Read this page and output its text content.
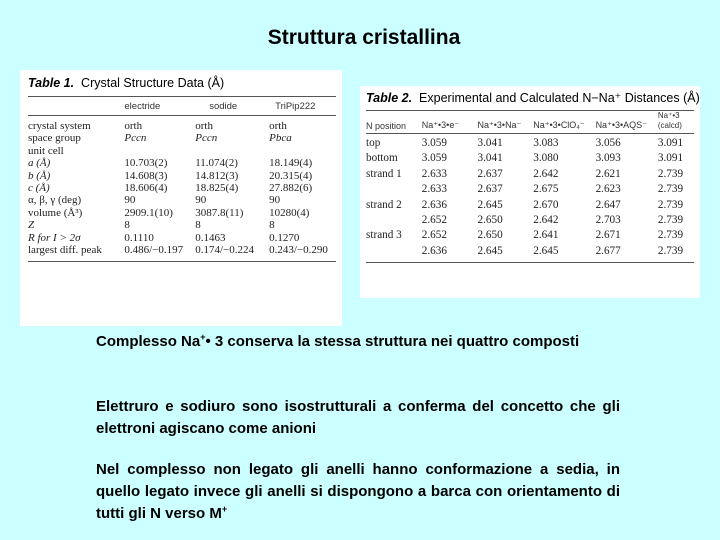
Struttura cristallina
Table 1. Crystal Structure Data (Å)
	electride	sodide	TriPip222
crystal system	orth	orth	orth
space group	Pccn	Pccn	Pbca
unit cell			
a (Å)	10.703(2)	11.074(2)	18.149(4)
b (Å)	14.608(3)	14.812(3)	20.315(4)
c (Å)	18.606(4)	18.825(4)	27.882(6)
α, β, γ (deg)	90	90	90
volume (Å³)	2909.1(10)	3087.8(11)	10280(4)
Z	8	8	8
R for I > 2σ	0.1110	0.1463	0.1270
largest diff. peak	0.486/−0.197	0.174/−0.224	0.243/−0.290
Table 2. Experimental and Calculated N−Na⁺ Distances (Å)
N position	Na⁺•3•e⁻	Na⁺•3•Na⁻	Na⁺•3•ClO₄⁻	Na⁺•3•AQS⁻	Na⁺•3 (calcd)
top	3.059	3.041	3.083	3.056	3.091
bottom	3.059	3.041	3.080	3.093	3.091
strand 1	2.633	2.637	2.642	2.621	2.739
	2.633	2.637	2.675	2.623	2.739
strand 2	2.636	2.645	2.670	2.647	2.739
	2.652	2.650	2.642	2.703	2.739
strand 3	2.652	2.650	2.641	2.671	2.739
	2.636	2.645	2.645	2.677	2.739
Complesso Na+• 3 conserva la stessa struttura nei quattro composti
Elettruro e sodiuro sono isostrutturali a conferma del concetto che gli elettroni agiscano come anioni
Nel complesso non legato gli anelli hanno conformazione a sedia, in quello legato invece gli anelli si dispongono a barca con orientamento di tutti gli N verso M+
